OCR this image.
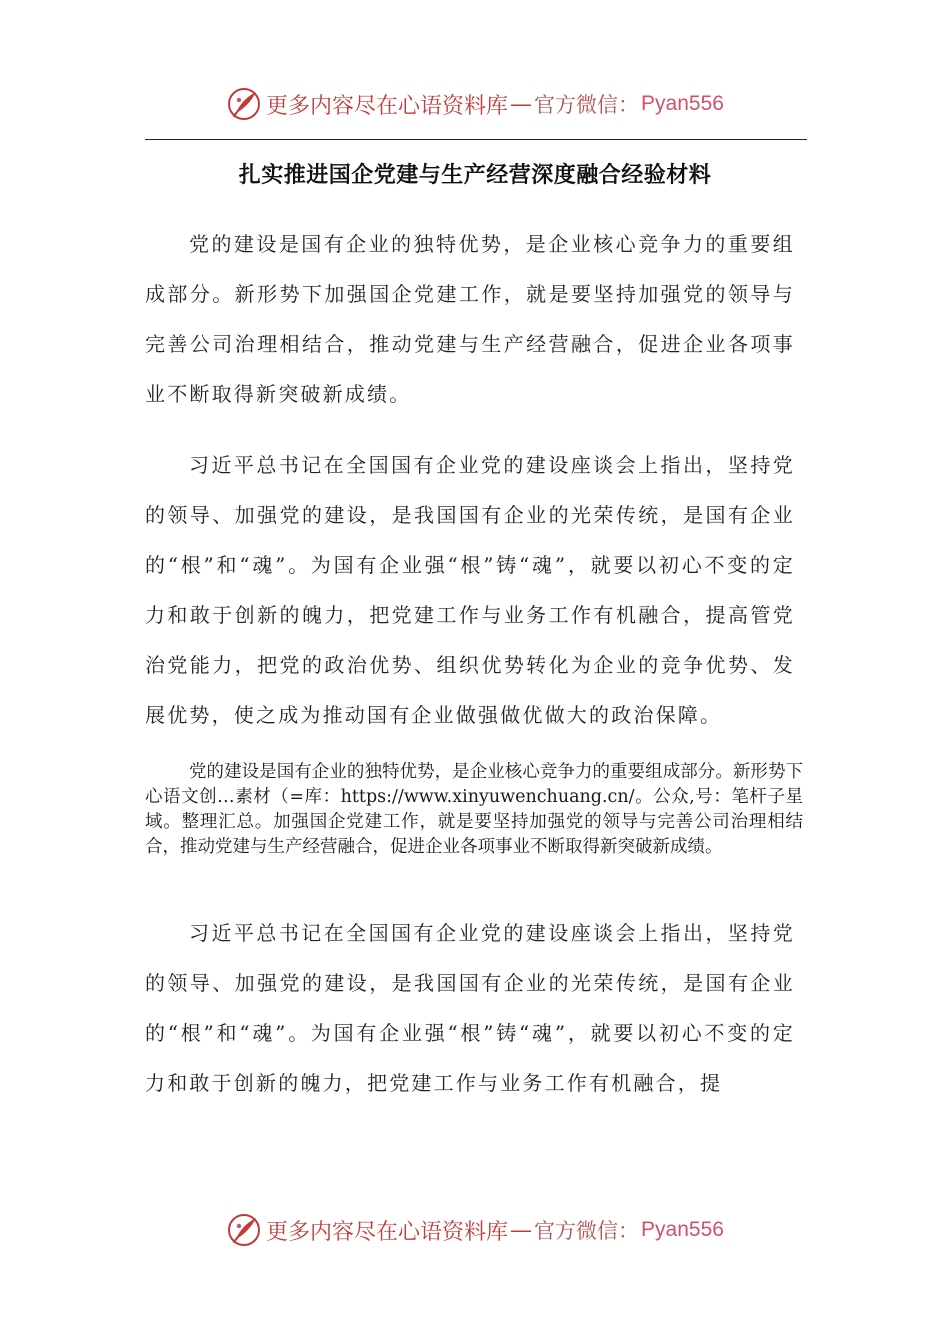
更多内容尽在心语资料库 — 官方微信： Pyan556
扎实推进国企党建与生产经营深度融合经验材料

党的建设是国有企业的独特优势，是企业核心竞争力的重要组成部分。新形势下加强国企党建工作，就是要坚持加强党的领导与完善公司治理相结合，推动党建与生产经营融合，促进企业各项事业不断取得新突破新成绩。

习近平总书记在全国国有企业党的建设座谈会上指出，坚持党的领导、加强党的建设，是我国国有企业的光荣传统，是国有企业的“根”和“魂”。为国有企业强“根”铸“魂”，就要以初心不变的定力和敢于创新的魄力，把党建工作与业务工作有机融合，提高管党治党能力，把党的政治优势、组织优势转化为企业的竞争优势、发展优势，使之成为推动国有企业做强做优做大的政治保障。

党的建设是国有企业的独特优势，是企业核心竞争力的重要组成部分。新形势下心语文创…素材（=库：https://www.xinyuwenchuang.cn/。公众,号：笔杆子星域。整理汇总。加强国企党建工作，就是要坚持加强党的领导与完善公司治理相结合，推动党建与生产经营融合，促进企业各项事业不断取得新突破新成绩。

习近平总书记在全国国有企业党的建设座谈会上指出，坚持党的领导、加强党的建设，是我国国有企业的光荣传统，是国有企业的“根”和“魂”。为国有企业强“根”铸“魂”，就要以初心不变的定力和敢于创新的魄力，把党建工作与业务工作有机融合，提

更多内容尽在心语资料库 — 官方微信： Pyan556
